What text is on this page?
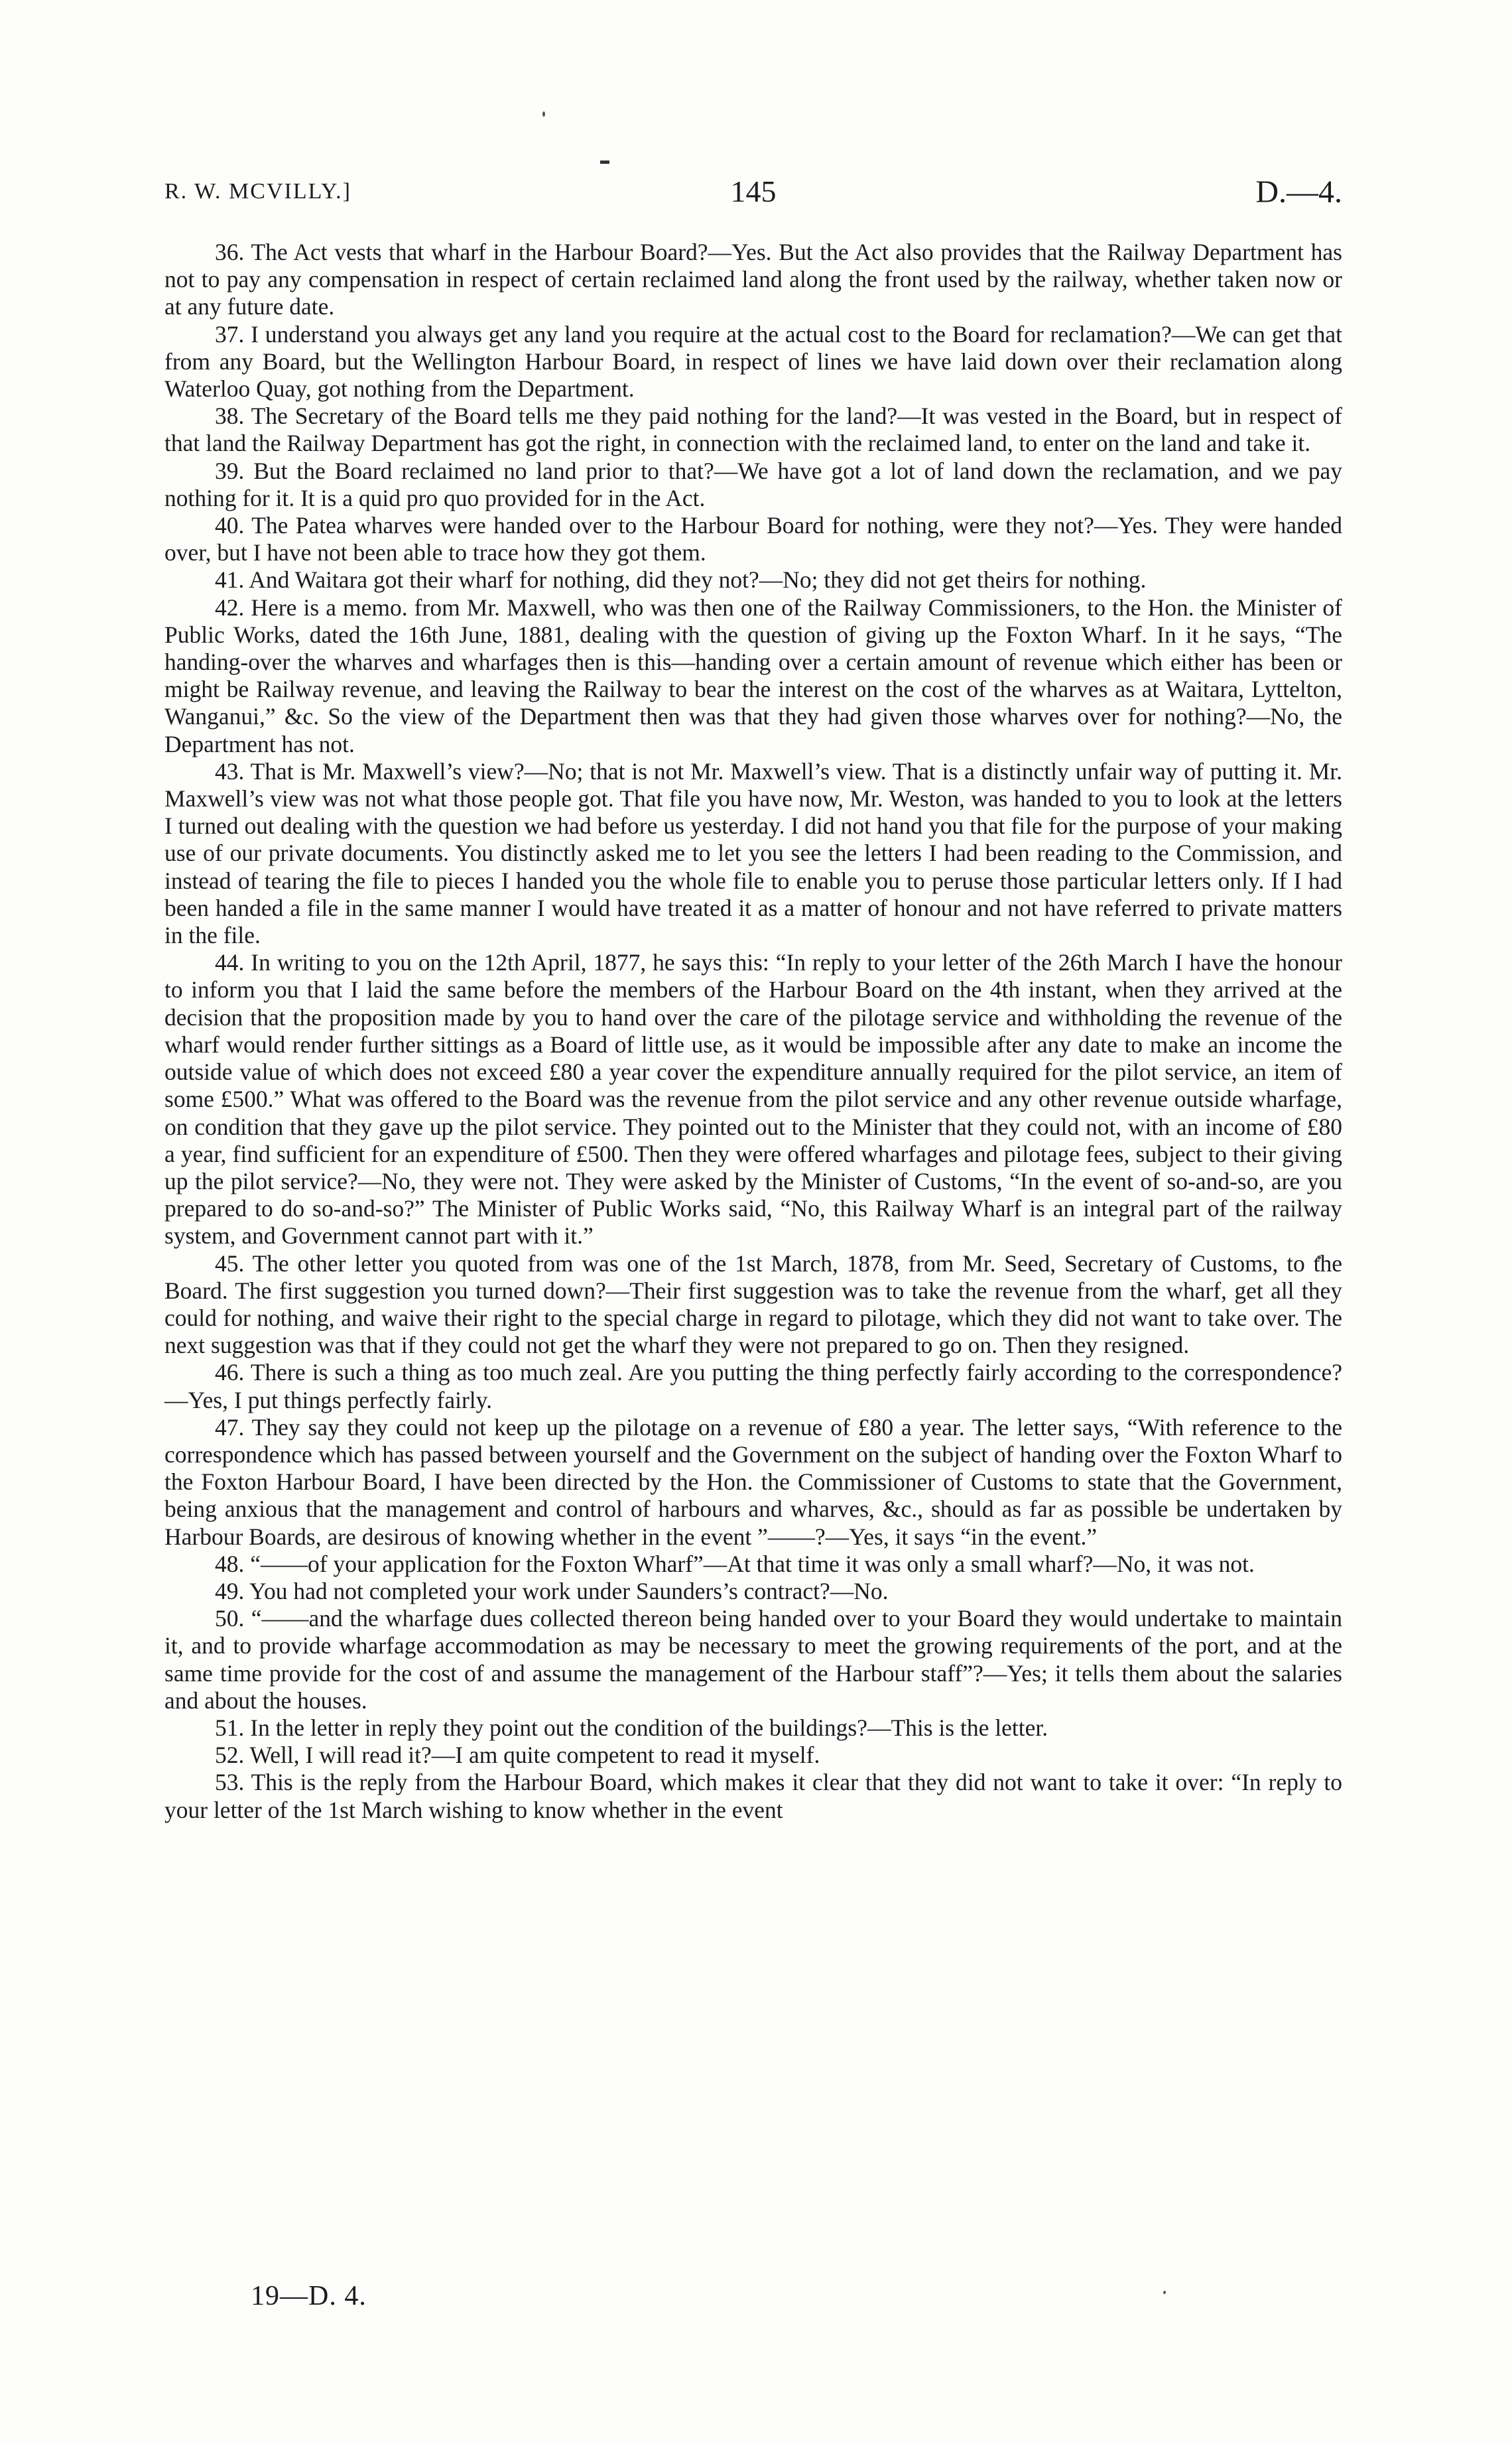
R. W. MCVILLY.]	145	D.—4.

36. The Act vests that wharf in the Harbour Board?—Yes. But the Act also provides that the Railway Department has not to pay any compensation in respect of certain reclaimed land along the front used by the railway, whether taken now or at any future date.

37. I understand you always get any land you require at the actual cost to the Board for reclamation?—We can get that from any Board, but the Wellington Harbour Board, in respect of lines we have laid down over their reclamation along Waterloo Quay, got nothing from the Department.

38. The Secretary of the Board tells me they paid nothing for the land?—It was vested in the Board, but in respect of that land the Railway Department has got the right, in connection with the reclaimed land, to enter on the land and take it.

39. But the Board reclaimed no land prior to that?—We have got a lot of land down the reclamation, and we pay nothing for it. It is a quid pro quo provided for in the Act.

40. The Patea wharves were handed over to the Harbour Board for nothing, were they not?—Yes. They were handed over, but I have not been able to trace how they got them.

41. And Waitara got their wharf for nothing, did they not?—No; they did not get theirs for nothing.

42. Here is a memo. from Mr. Maxwell, who was then one of the Railway Commissioners, to the Hon. the Minister of Public Works, dated the 16th June, 1881, dealing with the question of giving up the Foxton Wharf. In it he says, “The handing-over the wharves and wharfages then is this—handing over a certain amount of revenue which either has been or might be Railway revenue, and leaving the Railway to bear the interest on the cost of the wharves as at Waitara, Lyttelton, Wanganui,” &c. So the view of the Department then was that they had given those wharves over for nothing?—No, the Department has not.

43. That is Mr. Maxwell’s view?—No; that is not Mr. Maxwell’s view. That is a distinctly unfair way of putting it. Mr. Maxwell’s view was not what those people got. That file you have now, Mr. Weston, was handed to you to look at the letters I turned out dealing with the question we had before us yesterday. I did not hand you that file for the purpose of your making use of our private documents. You distinctly asked me to let you see the letters I had been reading to the Commission, and instead of tearing the file to pieces I handed you the whole file to enable you to peruse those particular letters only. If I had been handed a file in the same manner I would have treated it as a matter of honour and not have referred to private matters in the file.

44. In writing to you on the 12th April, 1877, he says this: “In reply to your letter of the 26th March I have the honour to inform you that I laid the same before the members of the Harbour Board on the 4th instant, when they arrived at the decision that the proposition made by you to hand over the care of the pilotage service and withholding the revenue of the wharf would render further sittings as a Board of little use, as it would be impossible after any date to make an income the outside value of which does not exceed £80 a year cover the expenditure annually required for the pilot service, an item of some £500.” What was offered to the Board was the revenue from the pilot service and any other revenue outside wharfage, on condition that they gave up the pilot service. They pointed out to the Minister that they could not, with an income of £80 a year, find sufficient for an expenditure of £500. Then they were offered wharfages and pilotage fees, subject to their giving up the pilot service?—No, they were not. They were asked by the Minister of Customs, “In the event of so-and-so, are you prepared to do so-and-so?” The Minister of Public Works said, “No, this Railway Wharf is an integral part of the railway system, and Government cannot part with it.”

45. The other letter you quoted from was one of the 1st March, 1878, from Mr. Seed, Secretary of Customs, to the Board. The first suggestion you turned down?—Their first suggestion was to take the revenue from the wharf, get all they could for nothing, and waive their right to the special charge in regard to pilotage, which they did not want to take over. The next suggestion was that if they could not get the wharf they were not prepared to go on. Then they resigned.

46. There is such a thing as too much zeal. Are you putting the thing perfectly fairly according to the correspondence?—Yes, I put things perfectly fairly.

47. They say they could not keep up the pilotage on a revenue of £80 a year. The letter says, “With reference to the correspondence which has passed between yourself and the Government on the subject of handing over the Foxton Wharf to the Foxton Harbour Board, I have been directed by the Hon. the Commissioner of Customs to state that the Government, being anxious that the management and control of harbours and wharves, &c., should as far as possible be undertaken by Harbour Boards, are desirous of knowing whether in the event ”——?—Yes, it says “in the event.”

48. “——of your application for the Foxton Wharf”—At that time it was only a small wharf?—No, it was not.

49. You had not completed your work under Saunders’s contract?—No.

50. “——and the wharfage dues collected thereon being handed over to your Board they would undertake to maintain it, and to provide wharfage accommodation as may be necessary to meet the growing requirements of the port, and at the same time provide for the cost of and assume the management of the Harbour staff”?—Yes; it tells them about the salaries and about the houses.

51. In the letter in reply they point out the condition of the buildings?—This is the letter.

52. Well, I will read it?—I am quite competent to read it myself.

53. This is the reply from the Harbour Board, which makes it clear that they did not want to take it over: “In reply to your letter of the 1st March wishing to know whether in the event

19—D. 4.
